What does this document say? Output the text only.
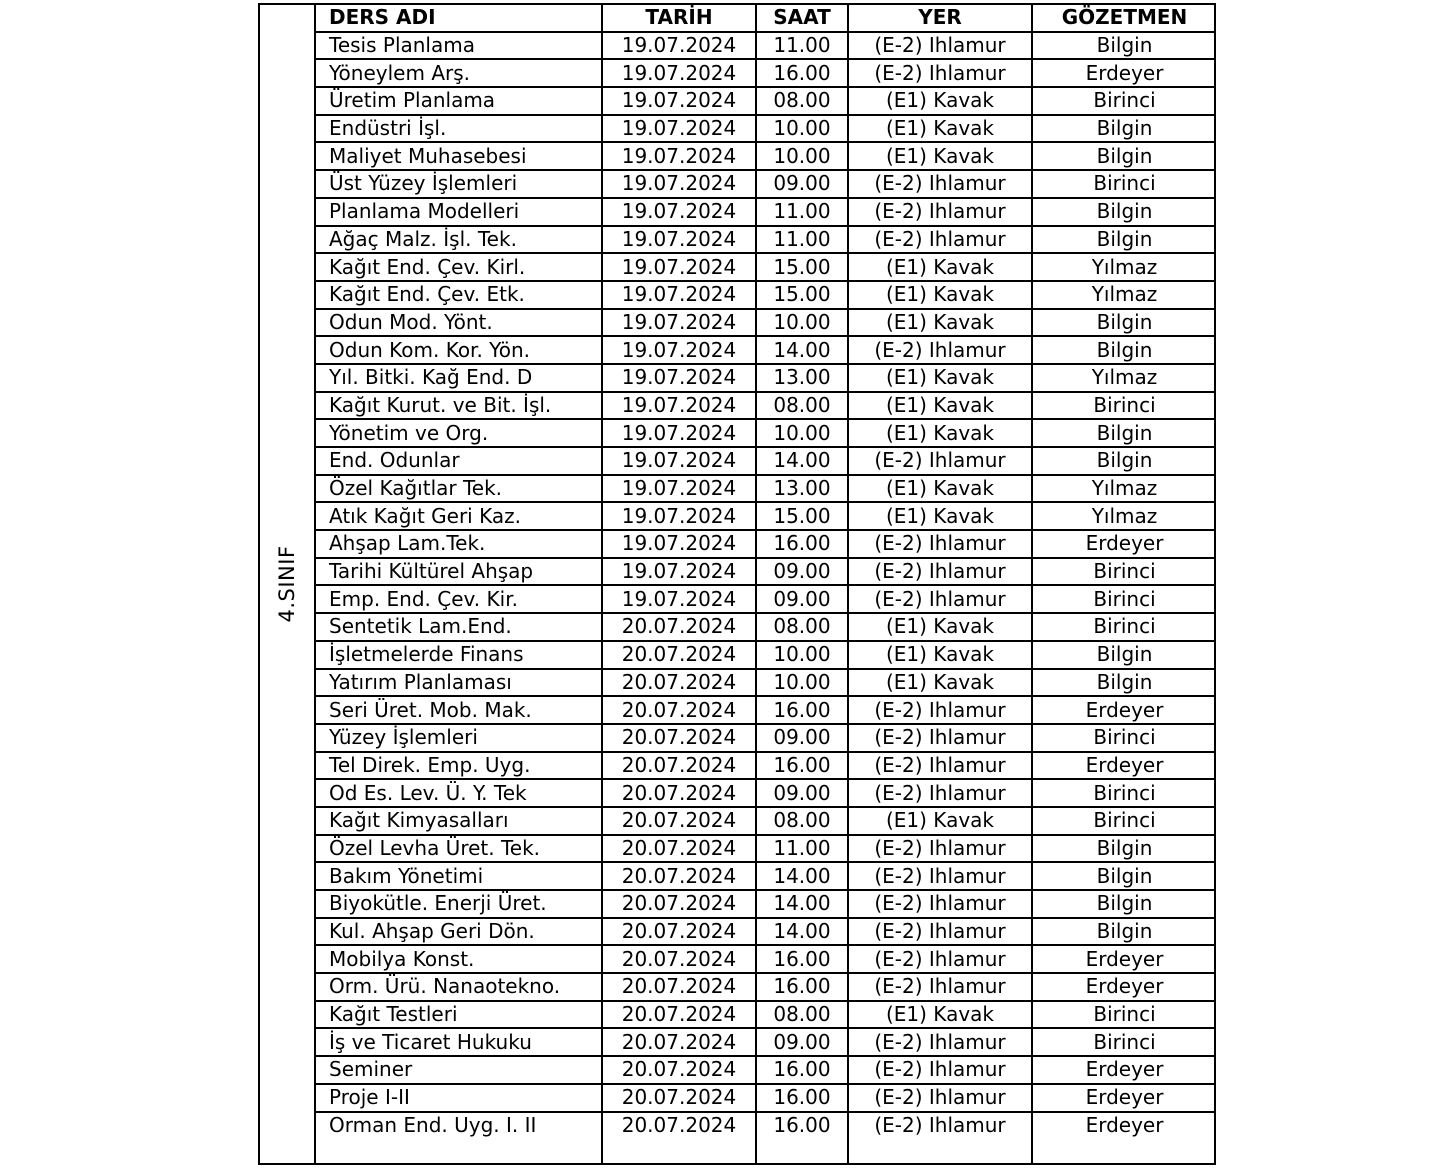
4.SINIF
DERS ADI	TARİH	SAAT	YER	GÖZETMEN
Tesis Planlama	19.07.2024	11.00	(E-2) Ihlamur	Bilgin
Yöneylem Arş.	19.07.2024	16.00	(E-2) Ihlamur	Erdeyer
Üretim Planlama	19.07.2024	08.00	(E1) Kavak	Birinci
Endüstri İşl.	19.07.2024	10.00	(E1) Kavak	Bilgin
Maliyet Muhasebesi	19.07.2024	10.00	(E1) Kavak	Bilgin
Üst Yüzey İşlemleri	19.07.2024	09.00	(E-2) Ihlamur	Birinci
Planlama Modelleri	19.07.2024	11.00	(E-2) Ihlamur	Bilgin
Ağaç Malz. İşl. Tek.	19.07.2024	11.00	(E-2) Ihlamur	Bilgin
Kağıt End. Çev. Kirl.	19.07.2024	15.00	(E1) Kavak	Yılmaz
Kağıt End. Çev. Etk.	19.07.2024	15.00	(E1) Kavak	Yılmaz
Odun Mod. Yönt.	19.07.2024	10.00	(E1) Kavak	Bilgin
Odun Kom. Kor. Yön.	19.07.2024	14.00	(E-2) Ihlamur	Bilgin
Yıl. Bitki. Kağ End. D	19.07.2024	13.00	(E1) Kavak	Yılmaz
Kağıt Kurut. ve Bit. İşl.	19.07.2024	08.00	(E1) Kavak	Birinci
Yönetim ve Org.	19.07.2024	10.00	(E1) Kavak	Bilgin
End. Odunlar	19.07.2024	14.00	(E-2) Ihlamur	Bilgin
Özel Kağıtlar Tek.	19.07.2024	13.00	(E1) Kavak	Yılmaz
Atık Kağıt Geri Kaz.	19.07.2024	15.00	(E1) Kavak	Yılmaz
Ahşap Lam.Tek.	19.07.2024	16.00	(E-2) Ihlamur	Erdeyer
Tarihi Kültürel Ahşap	19.07.2024	09.00	(E-2) Ihlamur	Birinci
Emp. End. Çev. Kir.	19.07.2024	09.00	(E-2) Ihlamur	Birinci
Sentetik Lam.End.	20.07.2024	08.00	(E1) Kavak	Birinci
İşletmelerde Finans	20.07.2024	10.00	(E1) Kavak	Bilgin
Yatırım Planlaması	20.07.2024	10.00	(E1) Kavak	Bilgin
Seri Üret. Mob. Mak.	20.07.2024	16.00	(E-2) Ihlamur	Erdeyer
Yüzey İşlemleri	20.07.2024	09.00	(E-2) Ihlamur	Birinci
Tel Direk. Emp. Uyg.	20.07.2024	16.00	(E-2) Ihlamur	Erdeyer
Od Es. Lev. Ü. Y. Tek	20.07.2024	09.00	(E-2) Ihlamur	Birinci
Kağıt Kimyasalları	20.07.2024	08.00	(E1) Kavak	Birinci
Özel Levha Üret. Tek.	20.07.2024	11.00	(E-2) Ihlamur	Bilgin
Bakım Yönetimi	20.07.2024	14.00	(E-2) Ihlamur	Bilgin
Biyokütle. Enerji Üret.	20.07.2024	14.00	(E-2) Ihlamur	Bilgin
Kul. Ahşap Geri Dön.	20.07.2024	14.00	(E-2) Ihlamur	Bilgin
Mobilya Konst.	20.07.2024	16.00	(E-2) Ihlamur	Erdeyer
Orm. Ürü. Nanaotekno.	20.07.2024	16.00	(E-2) Ihlamur	Erdeyer
Kağıt Testleri	20.07.2024	08.00	(E1) Kavak	Birinci
İş ve Ticaret Hukuku	20.07.2024	09.00	(E-2) Ihlamur	Birinci
Seminer	20.07.2024	16.00	(E-2) Ihlamur	Erdeyer
Proje I-II	20.07.2024	16.00	(E-2) Ihlamur	Erdeyer
Orman End. Uyg. I. II	20.07.2024	16.00	(E-2) Ihlamur	Erdeyer
